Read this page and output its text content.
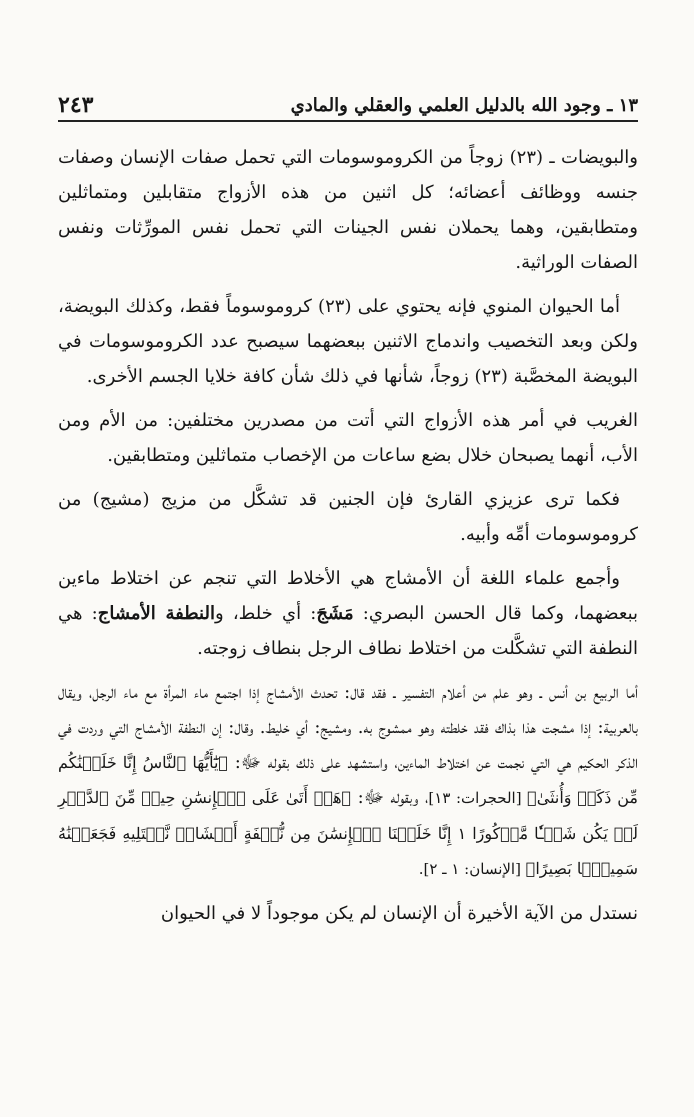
١٣ ـ وجود الله بالدليل العلمي والعقلي والمادي
٢٤٣

والبويضات ـ (٢٣) زوجاً من الكروموسومات التي تحمل صفات الإنسان وصفات جنسه ووظائف أعضائه؛ كل اثنين من هذه الأزواج متقابلين ومتماثلين ومتطابقين، وهما يحملان نفس الجينات التي تحمل نفس المورِّثات ونفس الصفات الوراثية.

أما الحيوان المنوي فإنه يحتوي على (٢٣) كروموسوماً فقط، وكذلك البويضة، ولكن وبعد التخصيب واندماج الاثنين ببعضهما سيصبح عدد الكروموسومات في البويضة المخصَّبة (٢٣) زوجاً، شأنها في ذلك شأن كافة خلايا الجسم الأخرى.

الغريب في أمر هذه الأزواج التي أتت من مصدرين مختلفين: من الأم ومن الأب، أنهما يصبحان خلال بضع ساعات من الإخصاب متماثلين ومتطابقين.

فكما ترى عزيزي القارئ فإن الجنين قد تشكَّل من مزيج (مشيج) من كروموسومات أمِّه وأبيه.

وأجمع علماء اللغة أن الأمشاج هي الأخلاط التي تنجم عن اختلاط ماءين ببعضهما، وكما قال الحسن البصري: مَشَجَ: أي خلط، والنطفة الأمشاج: هي النطفة التي تشكَّلت من اختلاط نطاف الرجل بنطاف زوجته.

أما الربيع بن أنس ـ وهو علم من أعلام التفسير ـ فقد قال: تحدث الأمشاج إذا اجتمع ماء المرأة مع ماء الرجل، ويقال بالعربية: إذا مشجت هذا بذاك فقد خلطته وهو ممشوج به. ومشيج: أي خليط. وقال: إن النطفة الأمشاج التي وردت في الذكر الحكيم هي التي نجمت عن اختلاط الماءين، واستشهد على ذلك بقوله ﷻ: ﴿يَٰٓأَيُّهَا ٱلنَّاسُ إِنَّا خَلَقۡنَٰكُم مِّن ذَكَرٖ وَأُنثَىٰ﴾ [الحجرات: ١٣]، وبقوله ﷻ: ﴿هَلۡ أَتَىٰ عَلَى ٱلۡإِنسَٰنِ حِينٞ مِّنَ ٱلدَّهۡرِ لَمۡ يَكُن شَيۡـٔٗا مَّذۡكُورًا ١ إِنَّا خَلَقۡنَا ٱلۡإِنسَٰنَ مِن نُّطۡفَةٍ أَمۡشَاجٖ نَّبۡتَلِيهِ فَجَعَلۡنَٰهُ سَمِيعَۢا بَصِيرًا﴾ [الإنسان: ١ ـ ٢].

نستدل من الآية الأخيرة أن الإنسان لم يكن موجوداً لا في الحيوان
